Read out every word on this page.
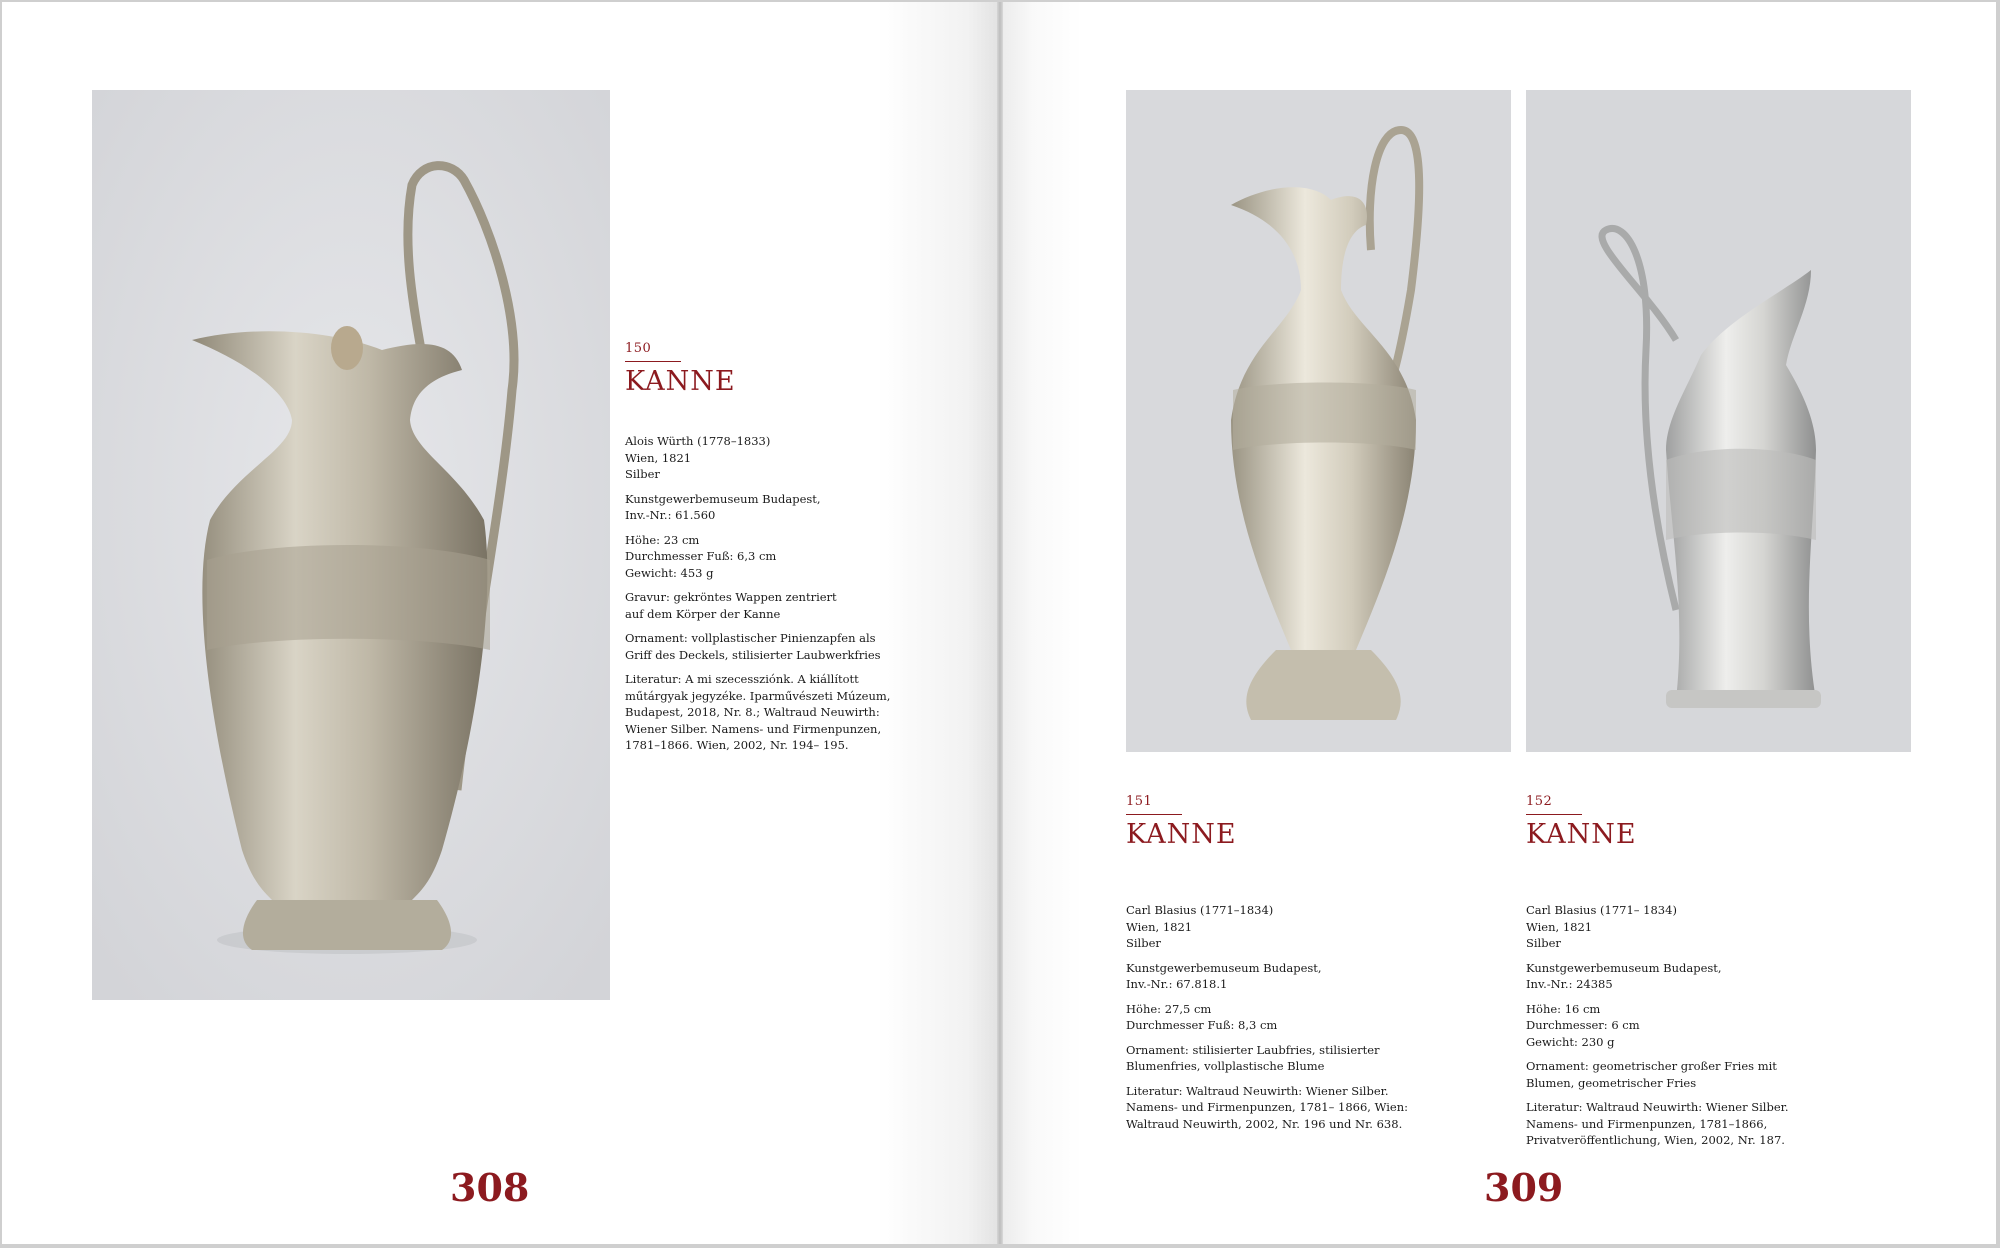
150
KANNE

Alois Würth (1778–1833)
Wien, 1821
Silber

Kunstgewerbemuseum Budapest,
Inv.-Nr.: 61.560

Höhe: 23 cm
Durchmesser Fuß: 6,3 cm
Gewicht: 453 g

Gravur: gekröntes Wappen zentriert
auf dem Körper der Kanne

Ornament: vollplastischer Pinienzapfen als
Griff des Deckels, stilisierter Laubwerkfries

Literatur: A mi szecessziónk. A kiállított
műtárgyak jegyzéke. Iparművészeti Múzeum,
Budapest, 2018, Nr. 8.; Waltraud Neuwirth:
Wiener Silber. Namens- und Firmenpunzen,
1781–1866. Wien, 2002, Nr. 194– 195.

308
151
KANNE

Carl Blasius (1771–1834)
Wien, 1821
Silber

Kunstgewerbemuseum Budapest,
Inv.-Nr.: 67.818.1

Höhe: 27,5 cm
Durchmesser Fuß: 8,3 cm

Ornament: stilisierter Laubfries, stilisierter
Blumenfries, vollplastische Blume

Literatur: Waltraud Neuwirth: Wiener Silber.
Namens- und Firmenpunzen, 1781– 1866, Wien:
Waltraud Neuwirth, 2002, Nr. 196 und Nr. 638.

152
KANNE

Carl Blasius (1771– 1834)
Wien, 1821
Silber

Kunstgewerbemuseum Budapest,
Inv.-Nr.: 24385

Höhe: 16 cm
Durchmesser: 6 cm
Gewicht: 230 g

Ornament: geometrischer großer Fries mit
Blumen, geometrischer Fries

Literatur: Waltraud Neuwirth: Wiener Silber.
Namens- und Firmenpunzen, 1781–1866,
Privatveröffentlichung, Wien, 2002, Nr. 187.

309
